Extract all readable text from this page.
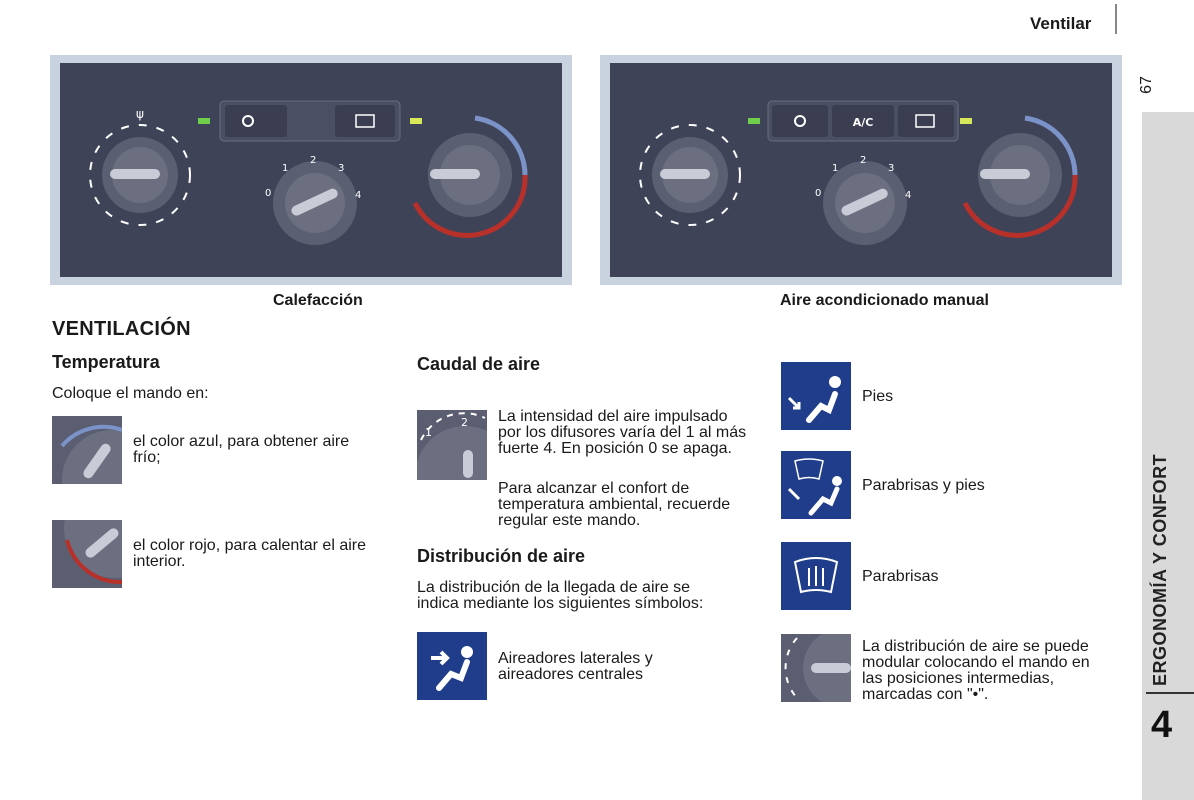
Ventilar
67
ERGONOMÍA Y CONFORT
4
ψ
0
1
2
3
4
Calefacción
A/C
0
1
2
3
4
Aire acondicionado manual
VENTILACIÓN
Temperatura
Coloque el mando en:
el color azul, para obtener aire frío;
el color rojo, para calentar el aire interior.
Caudal de aire
1
2 La intensidad del aire impulsado por los difusores varía del 1 al más fuerte 4. En posición 0 se apaga.
Para alcanzar el confort de temperatura ambiental, recuerde regular este mando.
Distribución de aire
La distribución de la llegada de aire se indica mediante los siguientes símbolos:
Aireadores laterales y aireadores centrales
Pies
Parabrisas y pies
Parabrisas
La distribución de aire se puede modular colocando el mando en las posiciones intermedias, marcadas con "•".
